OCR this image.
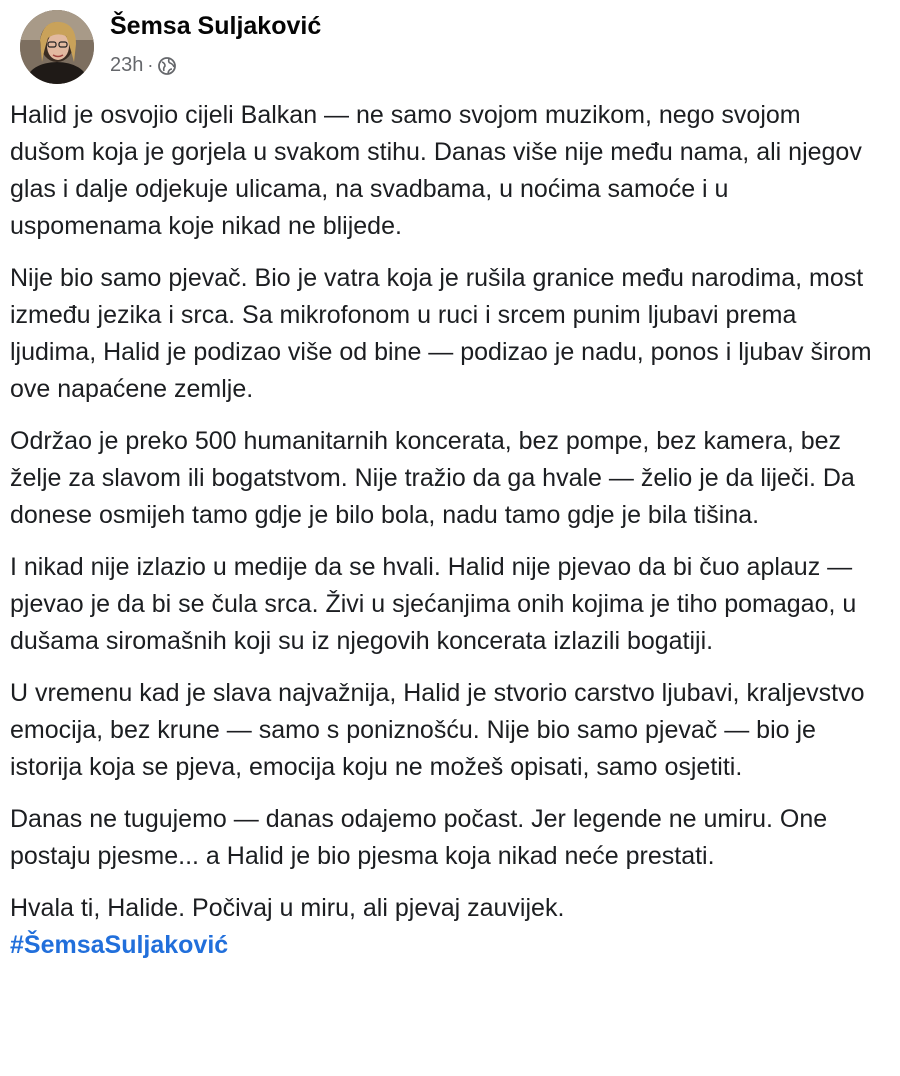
Šemsa Suljaković
23h ·

Halid je osvojio cijeli Balkan — ne samo svojom muzikom, nego svojom dušom koja je gorjela u svakom stihu. Danas više nije među nama, ali njegov glas i dalje odjekuje ulicama, na svadbama, u noćima samoće i u uspomenama koje nikad ne blijede.

Nije bio samo pjevač. Bio je vatra koja je rušila granice među narodima, most između jezika i srca. Sa mikrofonom u ruci i srcem punim ljubavi prema ljudima, Halid je podizao više od bine — podizao je nadu, ponos i ljubav širom ove napaćene zemlje.

Održao je preko 500 humanitarnih koncerata, bez pompe, bez kamera, bez želje za slavom ili bogatstvom. Nije tražio da ga hvale — želio je da liječi. Da donese osmijeh tamo gdje je bilo bola, nadu tamo gdje je bila tišina.

I nikad nije izlazio u medije da se hvali. Halid nije pjevao da bi čuo aplauz — pjevao je da bi se čula srca. Živi u sjećanjima onih kojima je tiho pomagao, u dušama siromašnih koji su iz njegovih koncerata izlazili bogatiji.

U vremenu kad je slava najvažnija, Halid je stvorio carstvo ljubavi, kraljevstvo emocija, bez krune — samo s poniznošću. Nije bio samo pjevač — bio je istorija koja se pjeva, emocija koju ne možeš opisati, samo osjetiti.

Danas ne tugujemo — danas odajemo počast. Jer legende ne umiru. One postaju pjesme... a Halid je bio pjesma koja nikad neće prestati.

Hvala ti, Halide. Počivaj u miru, ali pjevaj zauvijek.

#ŠemsaSuljaković
